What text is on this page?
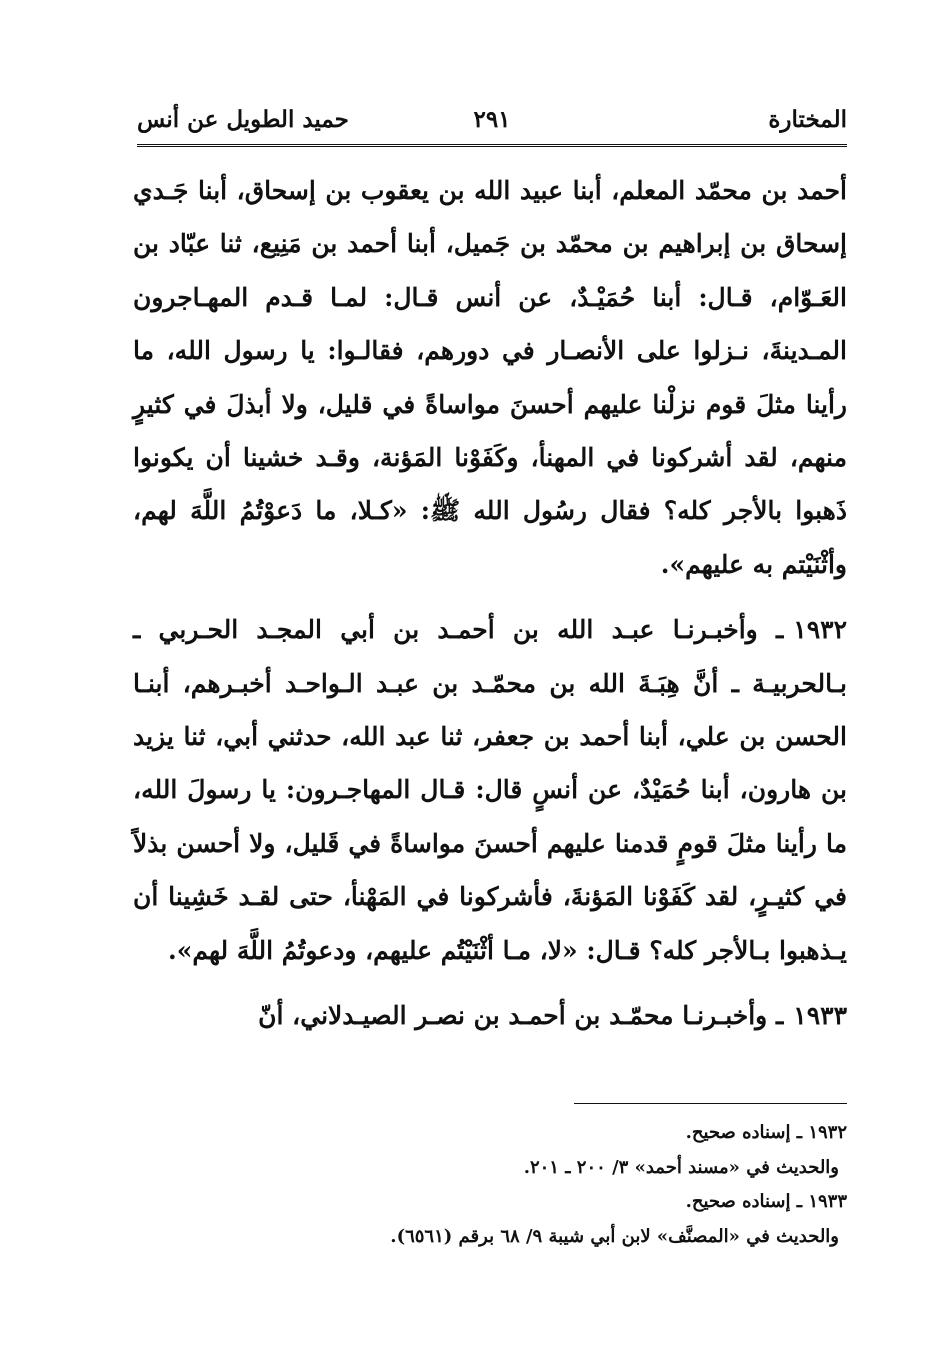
المختارة
٢٩١
حميد الطويل عن أنس

أحمد بن محمّد المعلم، أبنا عبيد الله بن يعقوب بن إسحاق، أبنا جَـدي إسحاق بن إبراهيم بن محمّد بن جَميل، أبنا أحمد بن مَنِيع، ثنا عبّاد بن العَـوّام، قـال: أبنا حُمَيْـدٌ، عن أنس قـال: لمـا قـدم المهـاجرون المـدينةَ، نـزلوا على الأنصـار في دورهم، فقالـوا: يا رسول الله، ما رأينا مثلَ قوم نزلْنا عليهم أحسنَ مواساةً في قليل، ولا أبذلَ في كثيرٍ منهم، لقد أشركونا في المهنأ، وكَفَوْنا المَؤنة، وقـد خشينا أن يكونوا ذَهبوا بالأجر كله؟ فقال رسُول الله ﷺ: «كـلا، ما دَعوْتُمُ اللَّهَ لهم، وأثْنَيْتم به عليهم».

١٩٣٢ـ وأخبـرنـا عبـد الله بن أحمـد بن أبي المجـد الحـربي ـ بـالحربيـة ـ أنَّ هِبَـةَ الله بن محمّـد بن عبـد الـواحـد أخبـرهم، أبنـا الحسن بن علي، أبنا أحمد بن جعفر، ثنا عبد الله، حدثني أبي، ثنا يزيد بن هارون، أبنا حُمَيْدٌ، عن أنسٍ قال: قـال المهاجـرون: يا رسولَ الله، ما رأينا مثلَ قومٍ قدمنا عليهم أحسنَ مواساةً في قَليل، ولا أحسن بذلاً في كثيـرٍ، لقد كَفَوْنا المَؤنةَ، فأشركونا في المَهْنأ، حتى لقـد خَشِينا أن يـذهبوا بـالأجر كله؟ قـال: «لا، مـا أثْنَيْتُم عليهم، ودعوتُمُ اللَّهَ لهم».

١٩٣٣ـ وأخبـرنـا محمّـد بن أحمـد بن نصـر الصيـدلاني، أنّ

١٩٣٢ ـ إسناده صحيح.

والحديث في «مسند أحمد» ٣/ ٢٠٠ ـ ٢٠١.

١٩٣٣ ـ إسناده صحيح.

والحديث في «المصنَّف» لابن أبي شيبة ٩/ ٦٨ برقم (٦٥٦١).
